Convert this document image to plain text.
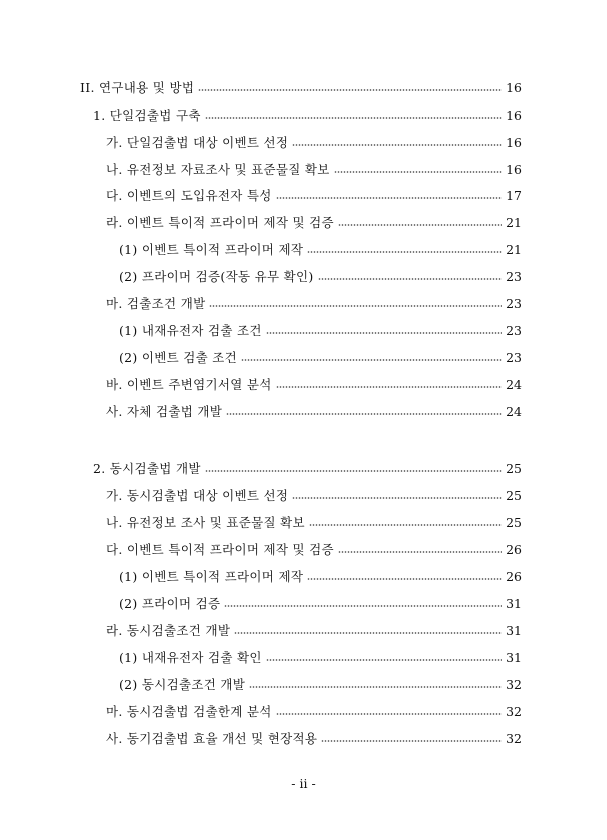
II. 연구내용 및 방법	16
1. 단일검출법 구축	16
가. 단일검출법 대상 이벤트 선정	16
나. 유전정보 자료조사 및 표준물질 확보	16
다. 이벤트의 도입유전자 특성	17
라. 이벤트 특이적 프라이머 제작 및 검증	21
(1) 이벤트 특이적 프라이머 제작	21
(2) 프라이머 검증(작동 유무 확인)	23
마. 검출조건 개발	23
(1) 내재유전자 검출 조건	23
(2) 이벤트 검출 조건	23
바. 이벤트 주변염기서열 분석	24
사. 자체 검출법 개발	24
2. 동시검출법 개발	25
가. 동시검출법 대상 이벤트 선정	25
나. 유전정보 조사 및 표준물질 확보	25
다. 이벤트 특이적 프라이머 제작 및 검증	26
(1) 이벤트 특이적 프라이머 제작	26
(2) 프라이머 검증	31
라. 동시검출조건 개발	31
(1) 내재유전자 검출 확인	31
(2) 동시검출조건 개발	32
마. 동시검출법 검출한계 분석	32
사. 동기검출법 효율 개선 및 현장적용	32
- ii -
